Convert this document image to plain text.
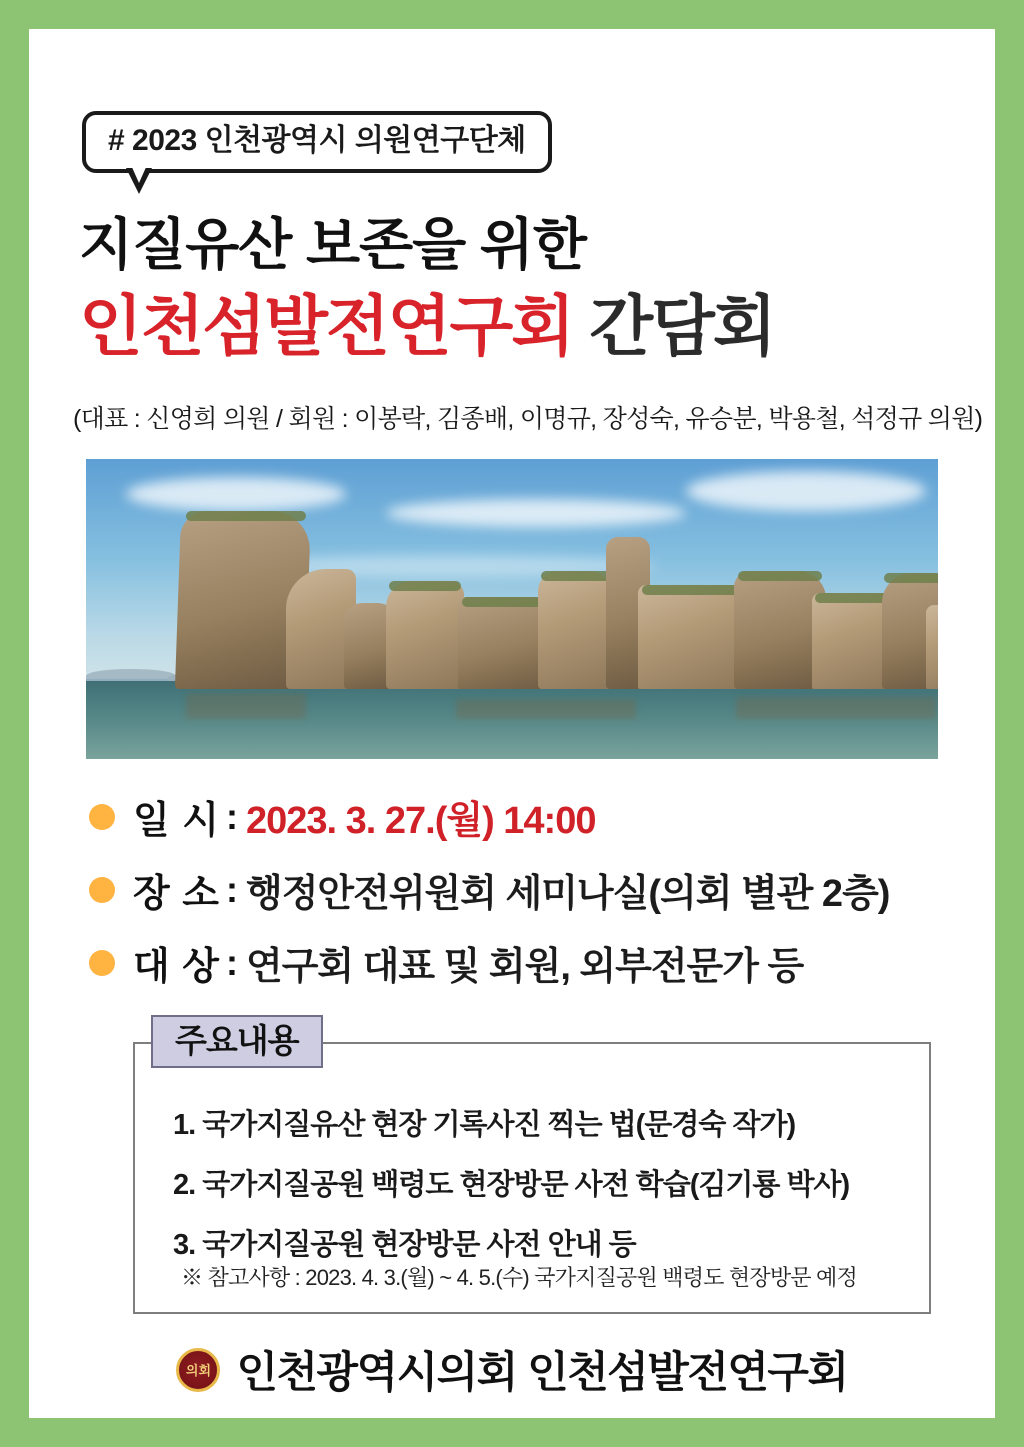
# 2023 인천광역시 의원연구단체
지질유산 보존을 위한
인천섬발전연구회 간담회
(대표 : 신영희 의원 / 회원 : 이봉락, 김종배, 이명규, 장성숙, 유승분, 박용철, 석정규 의원)
일 시 : 2023. 3. 27.(월) 14:00
장 소 : 행정안전위원회 세미나실(의회 별관 2층)
대 상 : 연구회 대표 및 회원, 외부전문가 등
주요내용
1. 국가지질유산 현장 기록사진 찍는 법(문경숙 작가)
2. 국가지질공원 백령도 현장방문 사전 학습(김기룡 박사)
3. 국가지질공원 현장방문 사전 안내 등
※ 참고사항 : 2023. 4. 3.(월) ~ 4. 5.(수) 국가지질공원 백령도 현장방문 예정
의회 인천광역시의회 인천섬발전연구회
